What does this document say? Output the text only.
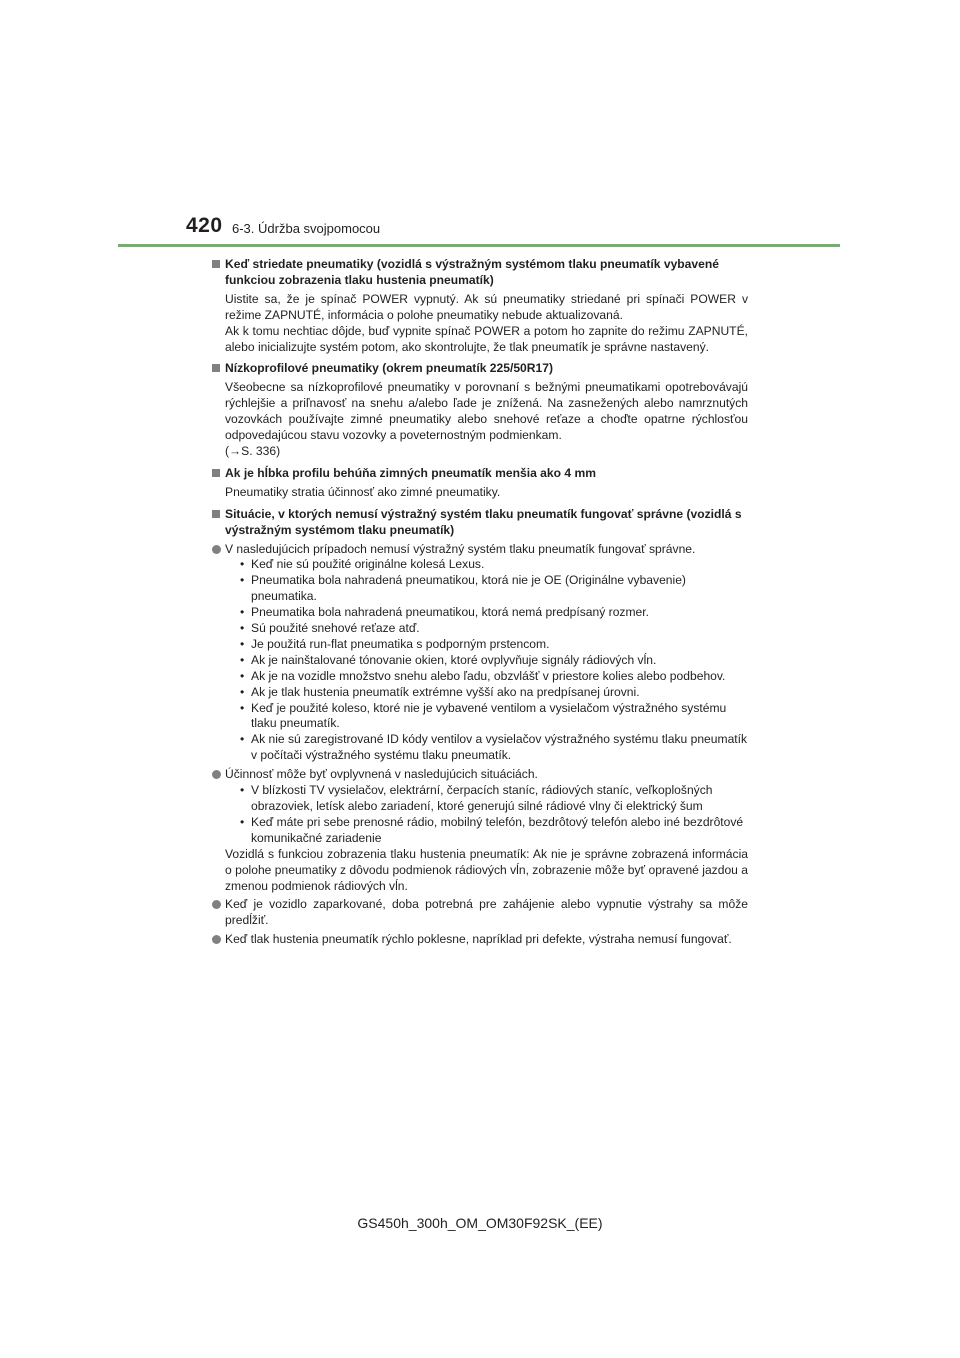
420 6-3. Údržba svojpomocou
Keď striedate pneumatiky (vozidlá s výstražným systémom tlaku pneumatík vybavené funkciou zobrazenia tlaku hustenia pneumatík)
Uistite sa, že je spínač POWER vypnutý. Ak sú pneumatiky striedané pri spínači POWER v režime ZAPNUTÉ, informácia o polohe pneumatiky nebude aktualizovaná.
Ak k tomu nechtiac dôjde, buď vypnite spínač POWER a potom ho zapnite do režimu ZAPNUTÉ, alebo inicializujte systém potom, ako skontrolujte, že tlak pneumatík je správne nastavený.
Nízkoprofilové pneumatiky (okrem pneumatík 225/50R17)
Všeobecne sa nízkoprofilové pneumatiky v porovnaní s bežnými pneumatikami opotrebovávajú rýchlejšie a priľnavosť na snehu a/alebo ľade je znížená. Na zasnežených alebo namrznutých vozovkách používajte zimné pneumatiky alebo snehové reťaze a choďte opatrne rýchlosťou odpovedajúcou stavu vozovky a poveternostným podmienkam.
(→S. 336)
Ak je hĺbka profilu behúňa zimných pneumatík menšia ako 4 mm
Pneumatiky stratia účinnosť ako zimné pneumatiky.
Situácie, v ktorých nemusí výstražný systém tlaku pneumatík fungovať správne (vozidlá s výstražným systémom tlaku pneumatík)
V nasledujúcich prípadoch nemusí výstražný systém tlaku pneumatík fungovať správne.
• Keď nie sú použité originálne kolesá Lexus.
• Pneumatika bola nahradená pneumatikou, ktorá nie je OE (Originálne vybavenie) pneumatika.
• Pneumatika bola nahradená pneumatikou, ktorá nemá predpísaný rozmer.
• Sú použité snehové reťaze atď.
• Je použitá run-flat pneumatika s podporným prstencom.
• Ak je nainštalované tónovanie okien, ktoré ovplyvňuje signály rádiových vĺn.
• Ak je na vozidle množstvo snehu alebo ľadu, obzvlášť v priestore kolies alebo podbehov.
• Ak je tlak hustenia pneumatík extrémne vyšší ako na predpísanej úrovni.
• Keď je použité koleso, ktoré nie je vybavené ventilom a vysielačom výstražného systému tlaku pneumatík.
• Ak nie sú zaregistrované ID kódy ventilov a vysielačov výstražného systému tlaku pneumatík v počítači výstražného systému tlaku pneumatík.
Účinnosť môže byť ovplyvnená v nasledujúcich situáciách.
• V blízkosti TV vysielačov, elektrární, čerpacích staníc, rádiových staníc, veľkoplošných obrazoviek, letísk alebo zariadení, ktoré generujú silné rádiové vlny či elektrický šum
• Keď máte pri sebe prenosné rádio, mobilný telefón, bezdrôtový telefón alebo iné bezdrôtové komunikačné zariadenie
Vozidlá s funkciou zobrazenia tlaku hustenia pneumatík: Ak nie je správne zobrazená informácia o polohe pneumatiky z dôvodu podmienok rádiových vĺn, zobrazenie môže byť opravené jazdou a zmenou podmienok rádiových vĺn.
Keď je vozidlo zaparkované, doba potrebná pre zahájenie alebo vypnutie výstrahy sa môže predĺžiť.
Keď tlak hustenia pneumatík rýchlo poklesne, napríklad pri defekte, výstraha nemusí fungovať.
GS450h_300h_OM_OM30F92SK_(EE)
